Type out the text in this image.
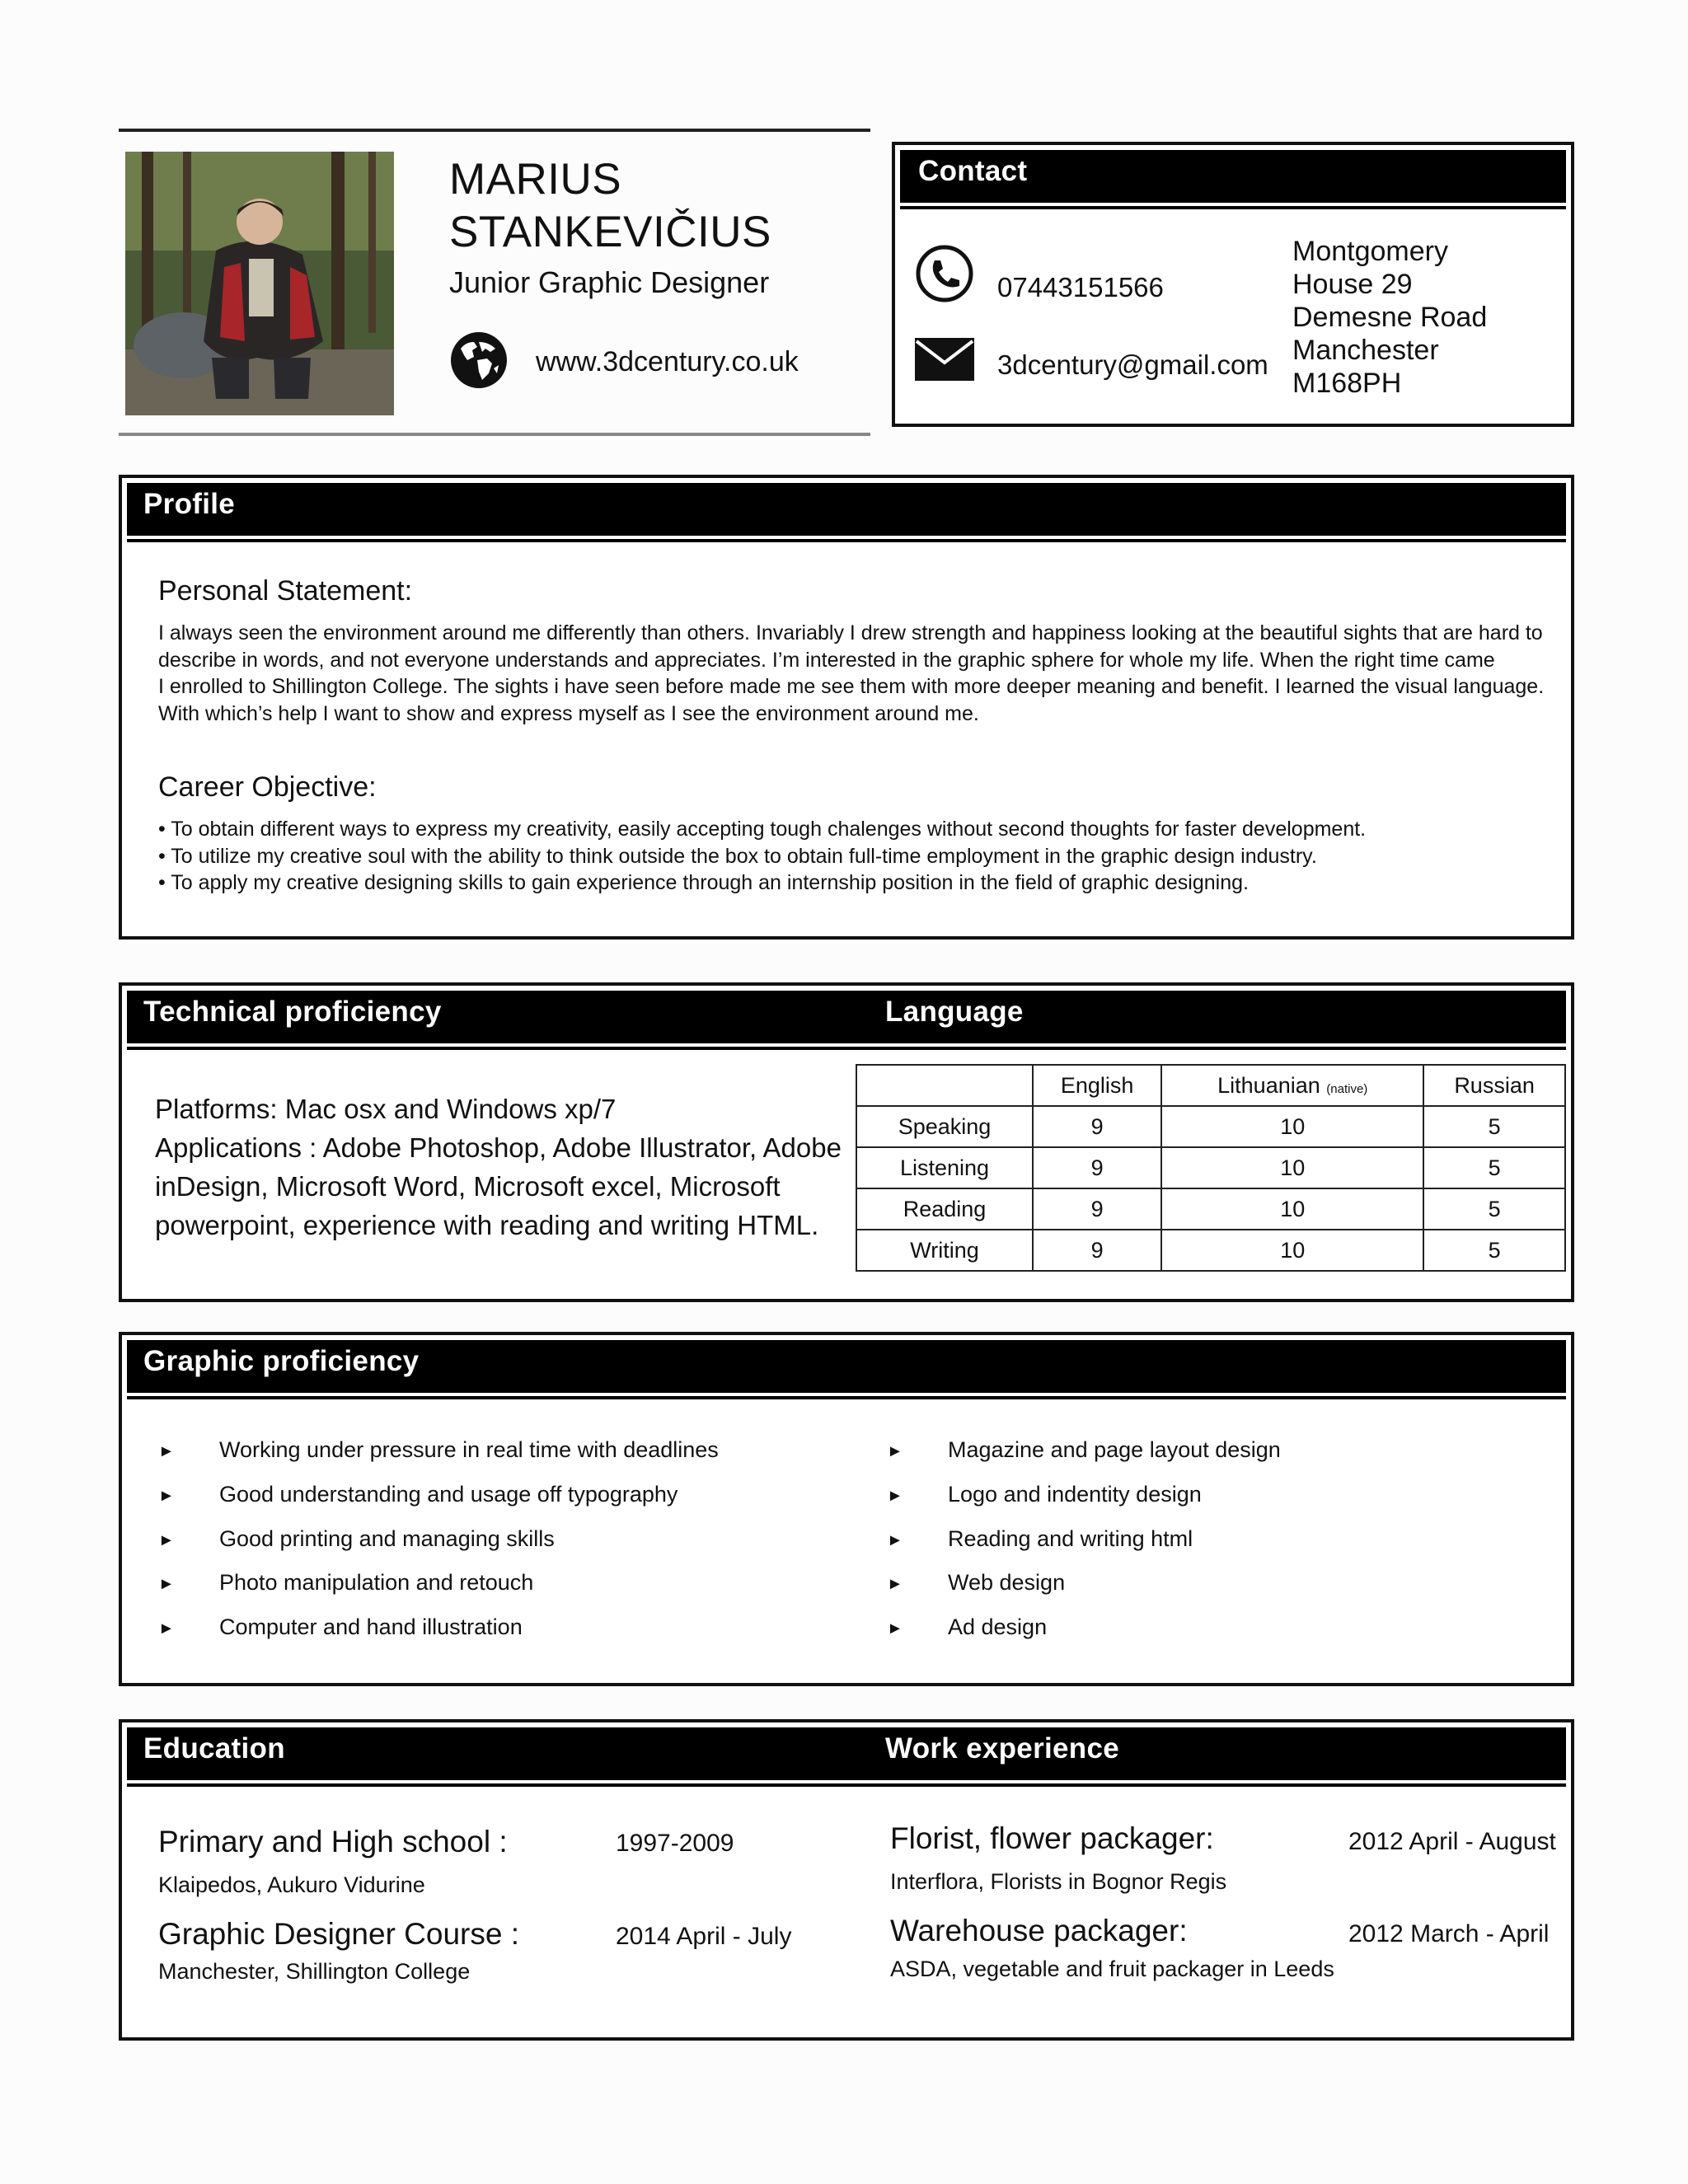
MARIUS
STANKEVIČIUS
Junior Graphic Designer
www.3dcentury.co.uk
Contact
07443151566
3dcentury@gmail.com
Montgomery
House 29
Demesne Road
Manchester
M168PH
Profile
Personal Statement:
I always seen the environment around me differently than others. Invariably I drew strength and happiness looking at the beautiful sights that are hard to
describe in words, and not everyone understands and appreciates. I’m interested in the graphic sphere for whole my life. When the right time came
I enrolled to Shillington College. The sights i have seen before made me see them with more deeper meaning and benefit. I learned the visual language.
With which’s help I want to show and express myself as I see the environment around me.
Career Objective:
• To obtain different ways to express my creativity, easily accepting tough chalenges without second thoughts for faster development.
• To utilize my creative soul with the ability to think outside the box to obtain full-time employment in the graphic design industry.
• To apply my creative designing skills to gain experience through an internship position in the field of graphic designing.
Technical proficiency	Language
Platforms: Mac osx and Windows xp/7
Applications : Adobe Photoshop, Adobe Illustrator, Adobe
inDesign, Microsoft Word, Microsoft excel, Microsoft
powerpoint, experience with reading and writing HTML.
	English	Lithuanian (native)	Russian
Speaking	9	10	5
Listening	9	10	5
Reading	9	10	5
Writing	9	10	5
Graphic proficiency
► Working under pressure in real time with deadlines
► Good understanding and usage off typography
► Good printing and managing skills
► Photo manipulation and retouch
► Computer and hand illustration
► Magazine and page layout design
► Logo and indentity design
► Reading and writing html
► Web design
► Ad design
Education	Work experience
Primary and High school :	1997-2009
Klaipedos, Aukuro Vidurine
Graphic Designer Course :	2014 April - July
Manchester, Shillington College
Florist, flower packager:	2012 April - August
Interflora, Florists in Bognor Regis
Warehouse packager:	2012 March - April
ASDA, vegetable and fruit packager in Leeds
